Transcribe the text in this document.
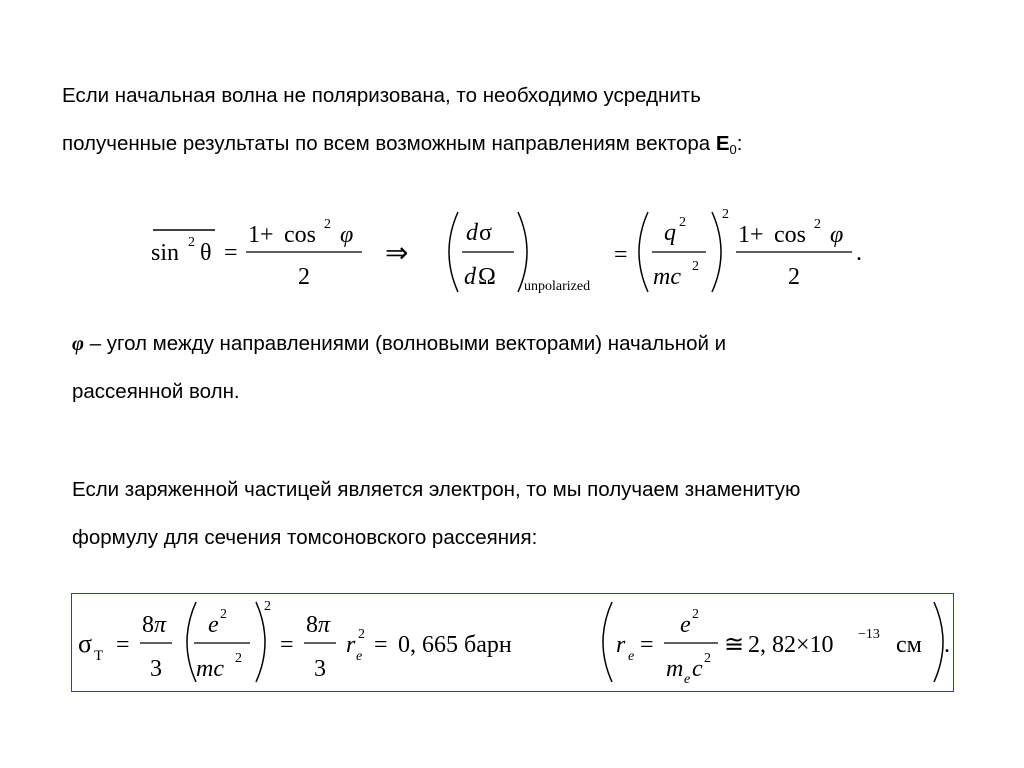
Если начальная волна не поляризована, то необходимо усреднить
полученные результаты по всем возможным направлениям вектора $E_0$:
sin 2 θ =
1+ cos 2 φ
2
⇒
d σ
d Ω unpolarized
=
q 2
mc 2
2
1+ cos 2 φ
2
.
φ – угол между направлениями (волновыми векторами) начальной и
рассеянной волн.
Если заряженной частицей является электрон, то мы получаем знаменитую
формулу для сечения томсоновского рассеяния:
σ T =
8 π
3
e 2
mc 2
2
=
8 π
3
r 2
e = 0, 665 барн	r e =
e 2
m e c 2
≅ 2, 82×10 −13 см .
